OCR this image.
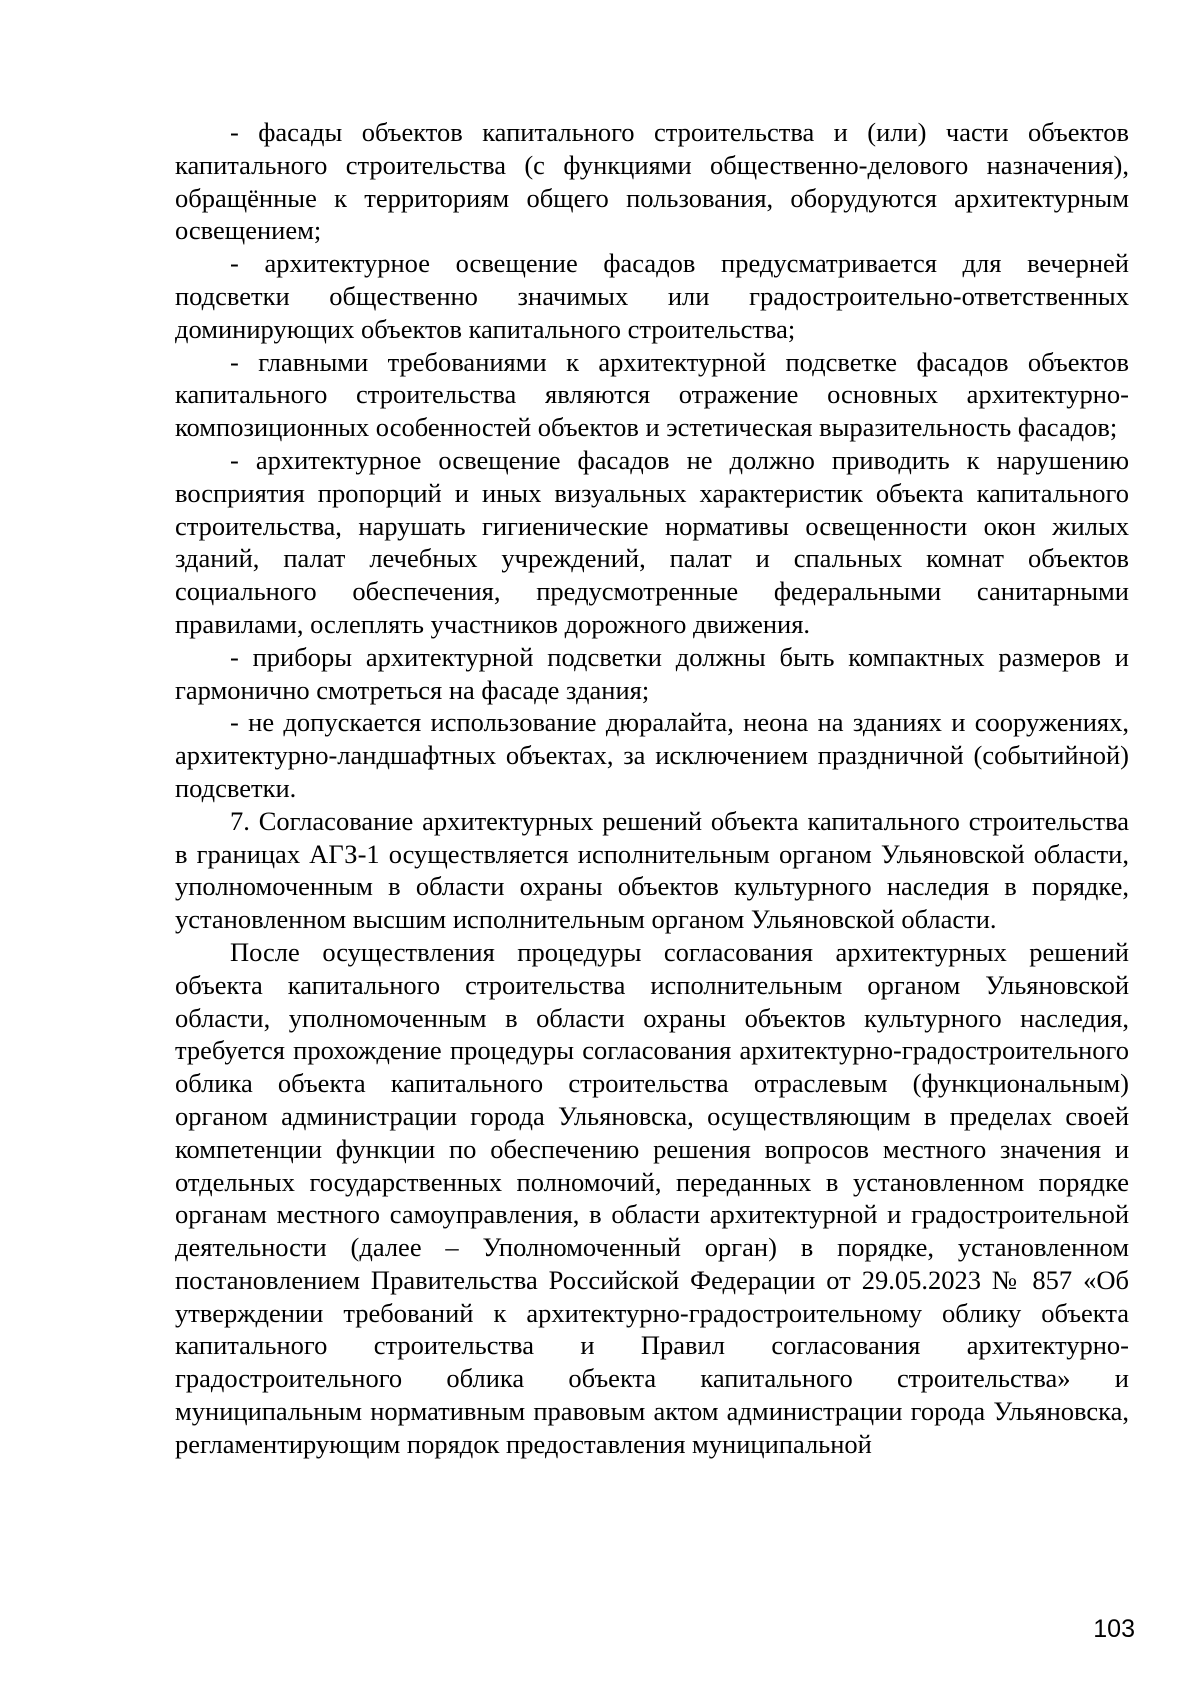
- фасады объектов капитального строительства и (или) части объектов капитального строительства (с функциями общественно-делового назначения), обращённые к территориям общего пользования, оборудуются архитектурным освещением;

- архитектурное освещение фасадов предусматривается для вечерней подсветки общественно значимых или градостроительно-ответственных доминирующих объектов капитального строительства;

- главными требованиями к архитектурной подсветке фасадов объектов капитального строительства являются отражение основных архитектурно-композиционных особенностей объектов и эстетическая выразительность фасадов;

- архитектурное освещение фасадов не должно приводить к нарушению восприятия пропорций и иных визуальных характеристик объекта капитального строительства, нарушать гигиенические нормативы освещенности окон жилых зданий, палат лечебных учреждений, палат и спальных комнат объектов социального обеспечения, предусмотренные федеральными санитарными правилами, ослеплять участников дорожного движения.

- приборы архитектурной подсветки должны быть компактных размеров и гармонично смотреться на фасаде здания;

- не допускается использование дюралайта, неона на зданиях и сооружениях, архитектурно-ландшафтных объектах, за исключением праздничной (событийной) подсветки.

7. Согласование архитектурных решений объекта капитального строительства в границах АГЗ-1 осуществляется исполнительным органом Ульяновской области, уполномоченным в области охраны объектов культурного наследия в порядке, установленном высшим исполнительным органом Ульяновской области.

После осуществления процедуры согласования архитектурных решений объекта капитального строительства исполнительным органом Ульяновской области, уполномоченным в области охраны объектов культурного наследия, требуется прохождение процедуры согласования архитектурно-градостроительного облика объекта капитального строительства отраслевым (функциональным) органом администрации города Ульяновска, осуществляющим в пределах своей компетенции функции по обеспечению решения вопросов местного значения и отдельных государственных полномочий, переданных в установленном порядке органам местного самоуправления, в области архитектурной и градостроительной деятельности (далее – Уполномоченный орган) в порядке, установленном постановлением Правительства Российской Федерации от 29.05.2023 № 857 «Об утверждении требований к архитектурно-градостроительному облику объекта капитального строительства и Правил согласования архитектурно-градостроительного облика объекта капитального строительства» и муниципальным нормативным правовым актом администрации города Ульяновска, регламентирующим порядок предоставления муниципальной

103
